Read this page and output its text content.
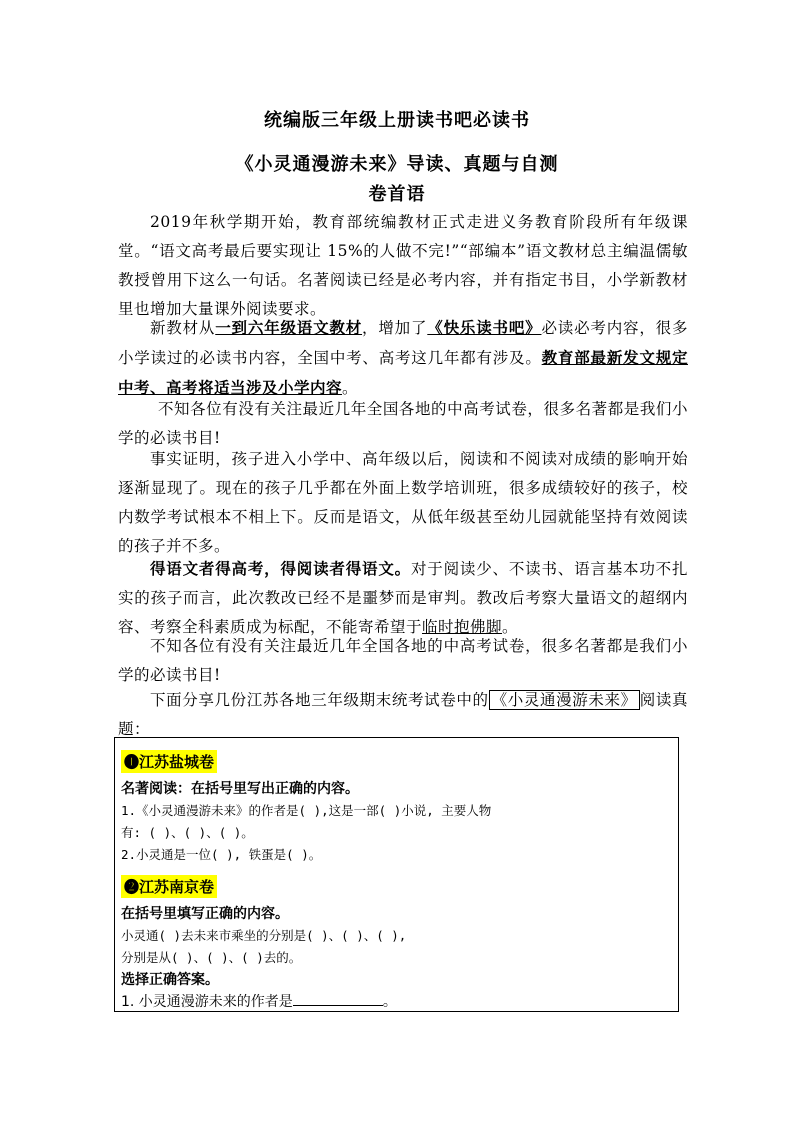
统编版三年级上册读书吧必读书
《小灵通漫游未来》导读、真题与自测
卷首语
2019年秋学期开始，教育部统编教材正式走进义务教育阶段所有年级课堂。“语文高考最后要实现让 15%的人做不完!”“部编本”语文教材总主编温儒敏教授曾用下这么一句话。名著阅读已经是必考内容，并有指定书目，小学新教材里也增加大量课外阅读要求。
新教材从一到六年级语文教材，增加了《快乐读书吧》必读必考内容，很多小学读过的必读书内容，全国中考、高考这几年都有涉及。教育部最新发文规定中考、高考将适当涉及小学内容。
不知各位有没有关注最近几年全国各地的中高考试卷，很多名著都是我们小学的必读书目!
事实证明，孩子进入小学中、高年级以后，阅读和不阅读对成绩的影响开始逐渐显现了。现在的孩子几乎都在外面上数学培训班，很多成绩较好的孩子，校内数学考试根本不相上下。反而是语文，从低年级甚至幼儿园就能坚持有效阅读的孩子并不多。
得语文者得高考，得阅读者得语文。对于阅读少、不读书、语言基本功不扎实的孩子而言，此次教改已经不是噩梦而是审判。教改后考察大量语文的超纲内容、考察全科素质成为标配，不能寄希望于临时抱佛脚。
不知各位有没有关注最近几年全国各地的中高考试卷，很多名著都是我们小学的必读书目!
下面分享几份江苏各地三年级期末统考试卷中的 《小灵通漫游未来》 阅读真题：
❶江苏盐城卷
名著阅读：在括号里写出正确的内容。
1.《小灵通漫游未来》的作者是( ),这是一部( )小说, 主要人物
有: ( )、( )、( )。
2.小灵通是一位( ), 铁蛋是( )。
❷江苏南京卷
在括号里填写正确的内容。
小灵通( )去未来市乘坐的分别是( )、( )、( ),
分别是从( )、( )、( )去的。
选择正确答案。
1. 小灵通漫游未来的作者是	。
